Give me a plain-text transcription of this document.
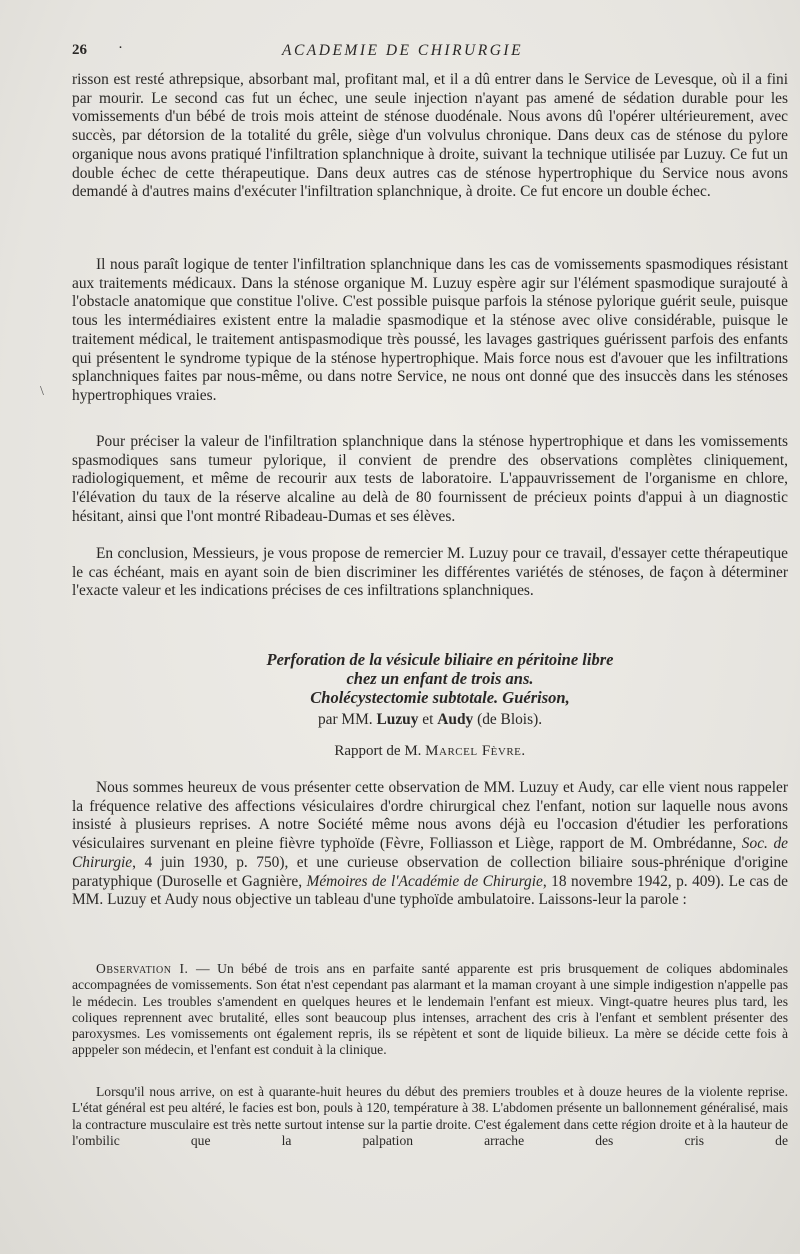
26 ·	ACADEMIE DE CHIRURGIE

risson est resté athrepsique, absorbant mal, profitant mal, et il a dû entrer dans le Service de Levesque, où il a fini par mourir. Le second cas fut un échec, une seule injection n'ayant pas amené de sédation durable pour les vomissements d'un bébé de trois mois atteint de sténose duodénale. Nous avons dû l'opérer ultérieurement, avec succès, par détorsion de la totalité du grêle, siège d'un volvulus chronique. Dans deux cas de sténose du pylore organique nous avons pratiqué l'infiltration splanchnique à droite, suivant la technique utilisée par Luzuy. Ce fut un double échec de cette thérapeutique. Dans deux autres cas de sténose hypertrophique du Service nous avons demandé à d'autres mains d'exécuter l'infiltration splanchnique, à droite. Ce fut encore un double échec.

Il nous paraît logique de tenter l'infiltration splanchnique dans les cas de vomissements spasmodiques résistant aux traitements médicaux. Dans la sténose organique M. Luzuy espère agir sur l'élément spasmodique surajouté à l'obstacle anatomique que constitue l'olive. C'est possible puisque parfois la sténose pylorique guérit seule, puisque tous les intermédiaires existent entre la maladie spasmodique et la sténose avec olive considérable, puisque le traitement médical, le traitement antispasmodique très poussé, les lavages gastriques guérissent parfois des enfants qui présentent le syndrome typique de la sténose hypertrophique. Mais force nous est d'avouer que les infiltrations splanchniques faites par nous-même, ou dans notre Service, ne nous ont donné que des insuccès dans les sténoses hypertrophiques vraies.

\

Pour préciser la valeur de l'infiltration splanchnique dans la sténose hypertrophique et dans les vomissements spasmodiques sans tumeur pylorique, il convient de prendre des observations complètes cliniquement, radiologiquement, et même de recourir aux tests de laboratoire. L'appauvrissement de l'organisme en chlore, l'élévation du taux de la réserve alcaline au delà de 80 fournissent de précieux points d'appui à un diagnostic hésitant, ainsi que l'ont montré Ribadeau-Dumas et ses élèves.

En conclusion, Messieurs, je vous propose de remercier M. Luzuy pour ce travail, d'essayer cette thérapeutique le cas échéant, mais en ayant soin de bien discriminer les différentes variétés de sténoses, de façon à déterminer l'exacte valeur et les indications précises de ces infiltrations splanchniques.

Perforation de la vésicule biliaire en péritoine libre
chez un enfant de trois ans.
Cholécystectomie subtotale. Guérison,
par MM. Luzuy et Audy (de Blois).
Rapport de M. Marcel Fèvre.

Nous sommes heureux de vous présenter cette observation de MM. Luzuy et Audy, car elle vient nous rappeler la fréquence relative des affections vésiculaires d'ordre chirurgical chez l'enfant, notion sur laquelle nous avons insisté à plusieurs reprises. A notre Société même nous avons déjà eu l'occasion d'étudier les perforations vésiculaires survenant en pleine fièvre typhoïde (Fèvre, Folliasson et Liège, rapport de M. Ombrédanne, Soc. de Chirurgie, 4 juin 1930, p. 750), et une curieuse observation de collection biliaire sous-phrénique d'origine paratyphique (Duroselle et Gagnière, Mémoires de l'Académie de Chirurgie, 18 novembre 1942, p. 409). Le cas de MM. Luzuy et Audy nous objective un tableau d'une typhoïde ambulatoire. Laissons-leur la parole :

Observation I. — Un bébé de trois ans en parfaite santé apparente est pris brusquement de coliques abdominales accompagnées de vomissements. Son état n'est cependant pas alarmant et la maman croyant à une simple indigestion n'appelle pas le médecin. Les troubles s'amendent en quelques heures et le lendemain l'enfant est mieux. Vingt-quatre heures plus tard, les coliques reprennent avec brutalité, elles sont beaucoup plus intenses, arrachent des cris à l'enfant et semblent présenter des paroxysmes. Les vomissements ont également repris, ils se répètent et sont de liquide bilieux. La mère se décide cette fois à apppeler son médecin, et l'enfant est conduit à la clinique.

Lorsqu'il nous arrive, on est à quarante-huit heures du début des premiers troubles et à douze heures de la violente reprise. L'état général est peu altéré, le facies est bon, pouls à 120, température à 38. L'abdomen présente un ballonnement généralisé, mais la contracture musculaire est très nette surtout intense sur la partie droite. C'est également dans cette région droite et à la hauteur de l'ombilic que la palpation arrache des cris de
